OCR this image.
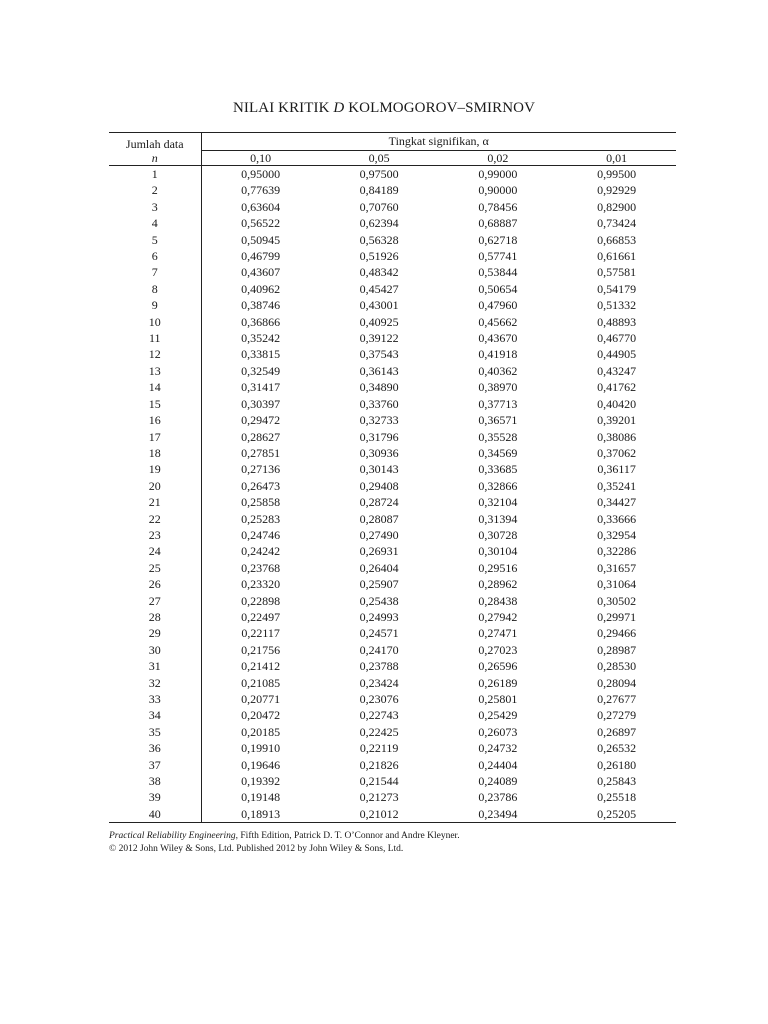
NILAI KRITIK D KOLMOGOROV–SMIRNOV
Jumlah data	Tingkat signifikan, α			
n	0,10	0,05	0,02	0,01
1	0,95000	0,97500	0,99000	0,99500
2	0,77639	0,84189	0,90000	0,92929
3	0,63604	0,70760	0,78456	0,82900
4	0,56522	0,62394	0,68887	0,73424
5	0,50945	0,56328	0,62718	0,66853
6	0,46799	0,51926	0,57741	0,61661
7	0,43607	0,48342	0,53844	0,57581
8	0,40962	0,45427	0,50654	0,54179
9	0,38746	0,43001	0,47960	0,51332
10	0,36866	0,40925	0,45662	0,48893
11	0,35242	0,39122	0,43670	0,46770
12	0,33815	0,37543	0,41918	0,44905
13	0,32549	0,36143	0,40362	0,43247
14	0,31417	0,34890	0,38970	0,41762
15	0,30397	0,33760	0,37713	0,40420
16	0,29472	0,32733	0,36571	0,39201
17	0,28627	0,31796	0,35528	0,38086
18	0,27851	0,30936	0,34569	0,37062
19	0,27136	0,30143	0,33685	0,36117
20	0,26473	0,29408	0,32866	0,35241
21	0,25858	0,28724	0,32104	0,34427
22	0,25283	0,28087	0,31394	0,33666
23	0,24746	0,27490	0,30728	0,32954
24	0,24242	0,26931	0,30104	0,32286
25	0,23768	0,26404	0,29516	0,31657
26	0,23320	0,25907	0,28962	0,31064
27	0,22898	0,25438	0,28438	0,30502
28	0,22497	0,24993	0,27942	0,29971
29	0,22117	0,24571	0,27471	0,29466
30	0,21756	0,24170	0,27023	0,28987
31	0,21412	0,23788	0,26596	0,28530
32	0,21085	0,23424	0,26189	0,28094
33	0,20771	0,23076	0,25801	0,27677
34	0,20472	0,22743	0,25429	0,27279
35	0,20185	0,22425	0,26073	0,26897
36	0,19910	0,22119	0,24732	0,26532
37	0,19646	0,21826	0,24404	0,26180
38	0,19392	0,21544	0,24089	0,25843
39	0,19148	0,21273	0,23786	0,25518
40	0,18913	0,21012	0,23494	0,25205
Practical Reliability Engineering, Fifth Edition, Patrick D. T. O’Connor and Andre Kleyner.
© 2012 John Wiley & Sons, Ltd. Published 2012 by John Wiley & Sons, Ltd.
